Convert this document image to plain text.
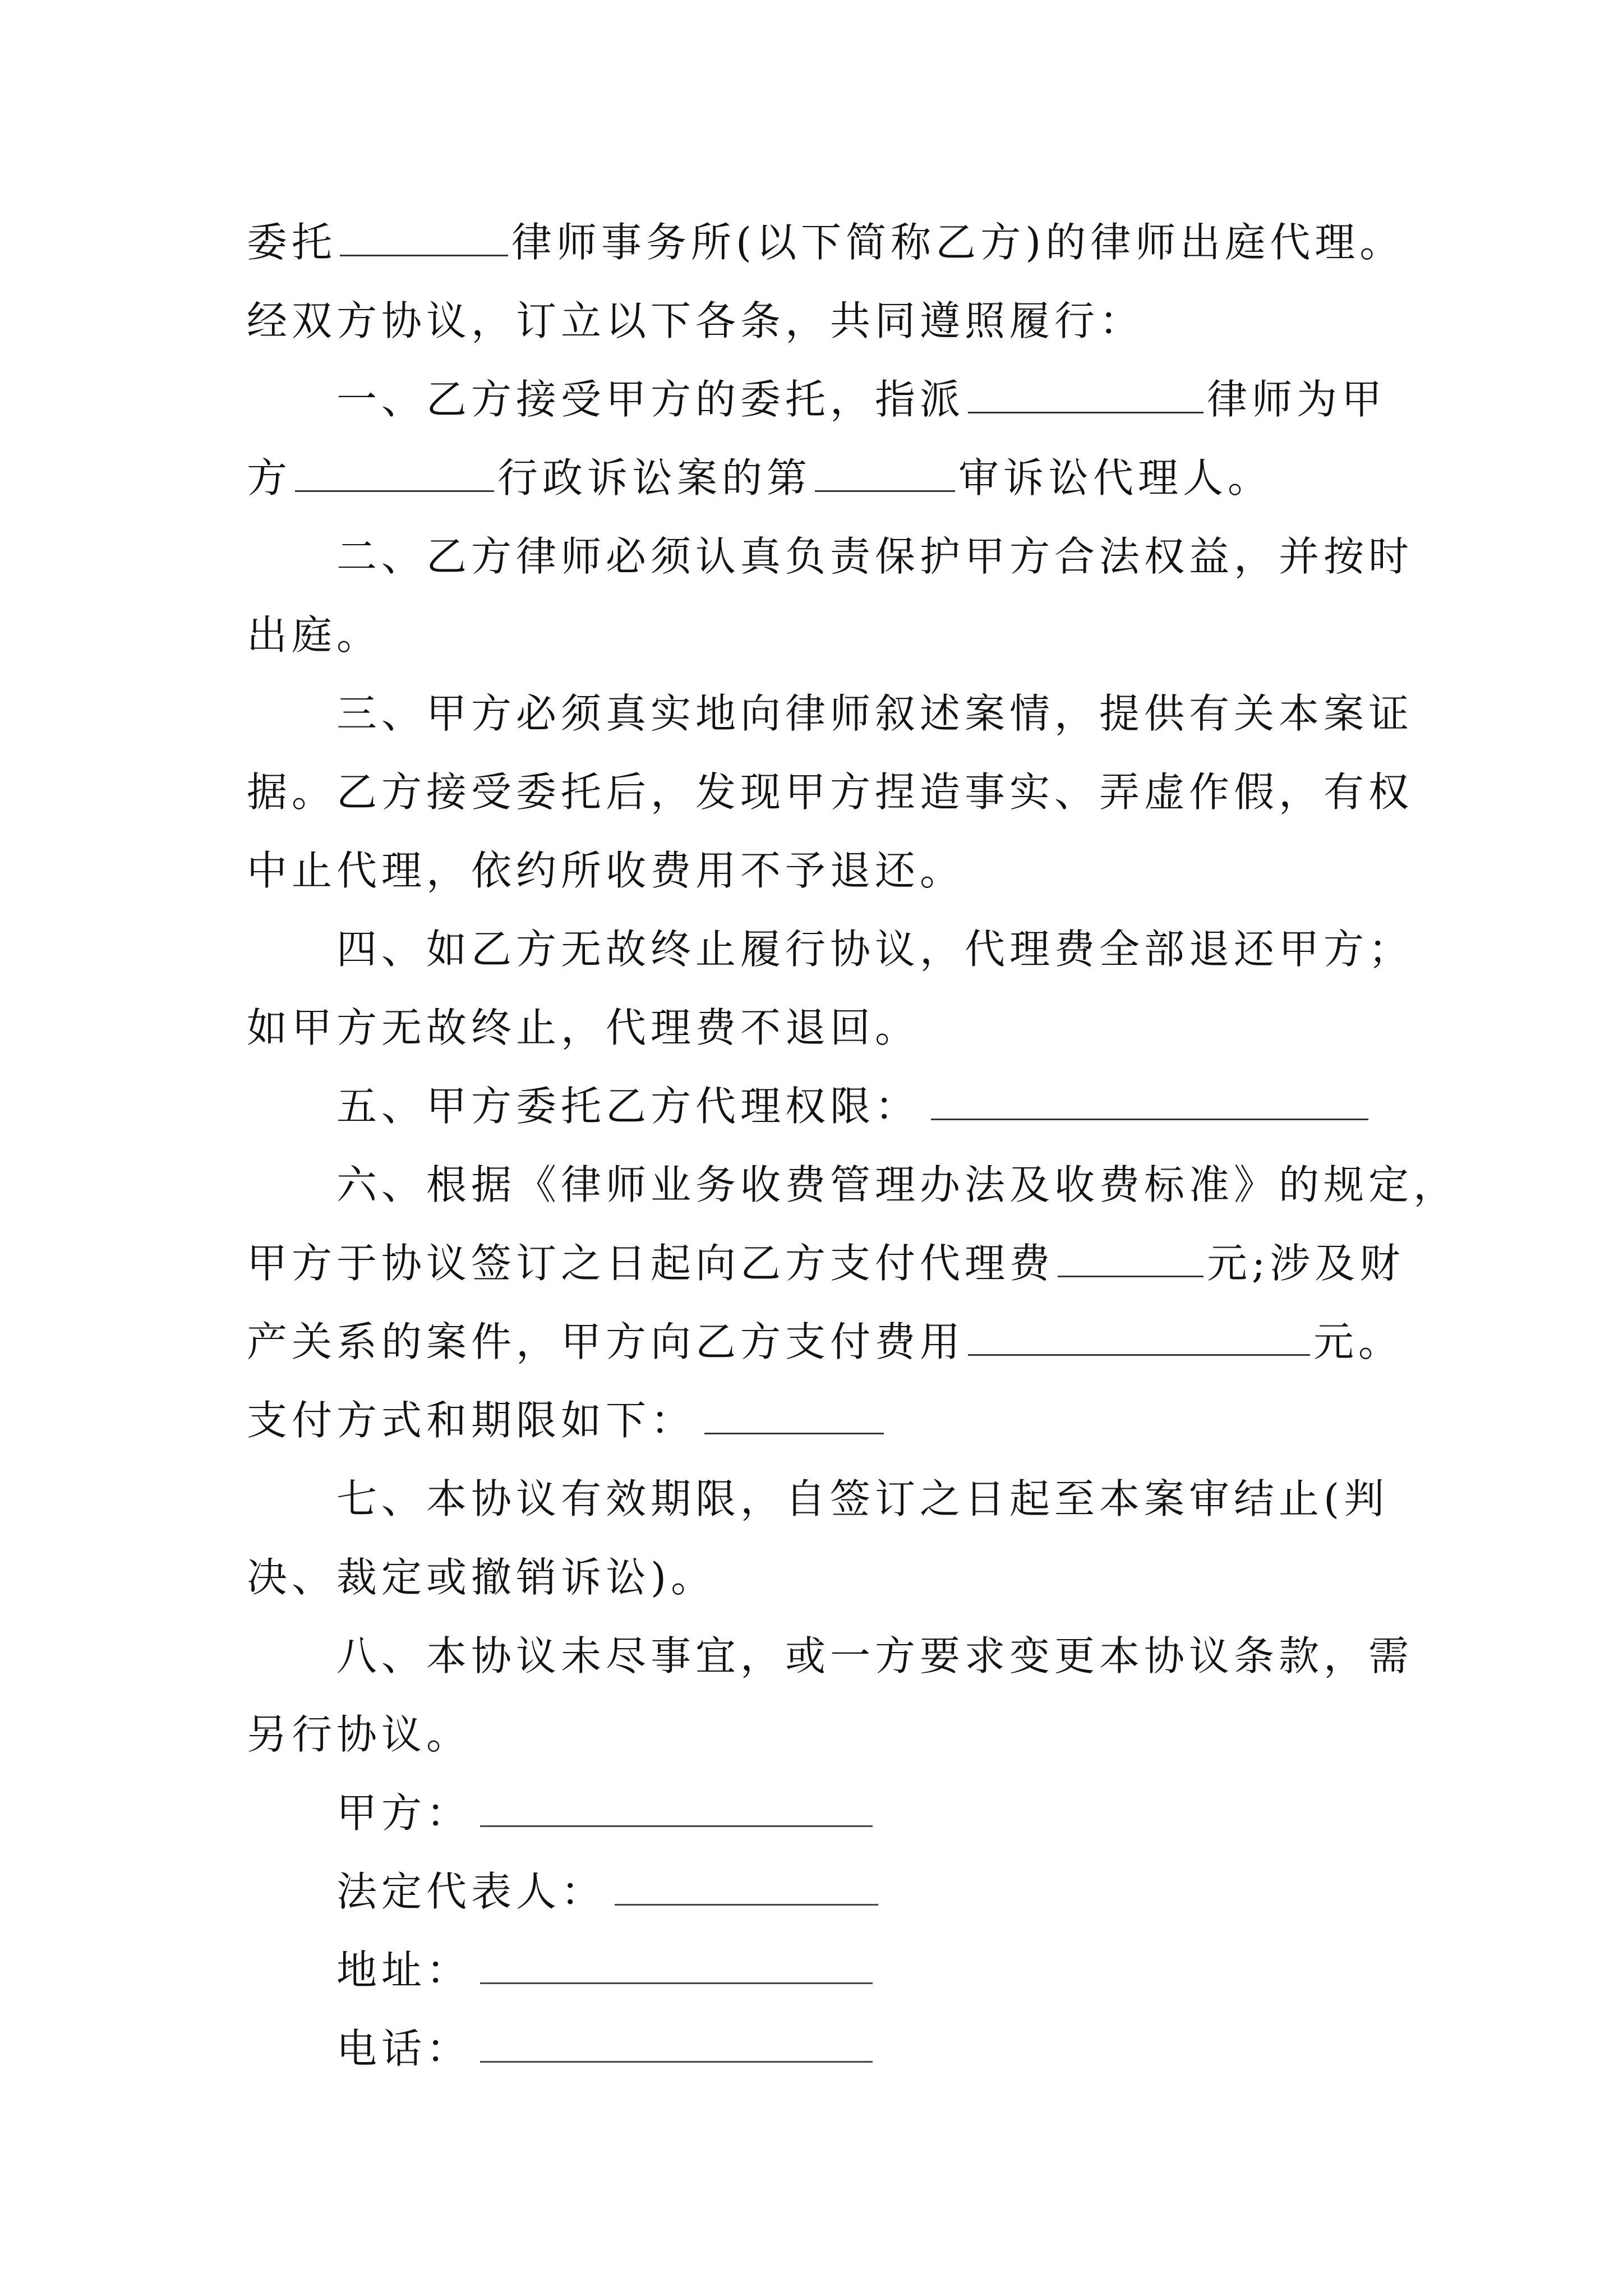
委托	律师事务所(以下简称乙方)的律师出庭代理。
经双方协议，订立以下各条，共同遵照履行：
一、乙方接受甲方的委托，指派	律师为甲
方	行政诉讼案的第	审诉讼代理人。
二、乙方律师必须认真负责保护甲方合法权益，并按时
出庭。
三、甲方必须真实地向律师叙述案情，提供有关本案证
据。乙方接受委托后，发现甲方捏造事实、弄虚作假，有权
中止代理，依约所收费用不予退还。
四、如乙方无故终止履行协议，代理费全部退还甲方；
如甲方无故终止，代理费不退回。
五、甲方委托乙方代理权限：
六、根据《律师业务收费管理办法及收费标准》的规定，
甲方于协议签订之日起向乙方支付代理费	元;涉及财
产关系的案件，甲方向乙方支付费用	元。
支付方式和期限如下：
七、本协议有效期限，自签订之日起至本案审结止(判
决、裁定或撤销诉讼)。
八、本协议未尽事宜，或一方要求变更本协议条款，需
另行协议。
甲方：
法定代表人：
地址：
电话：
